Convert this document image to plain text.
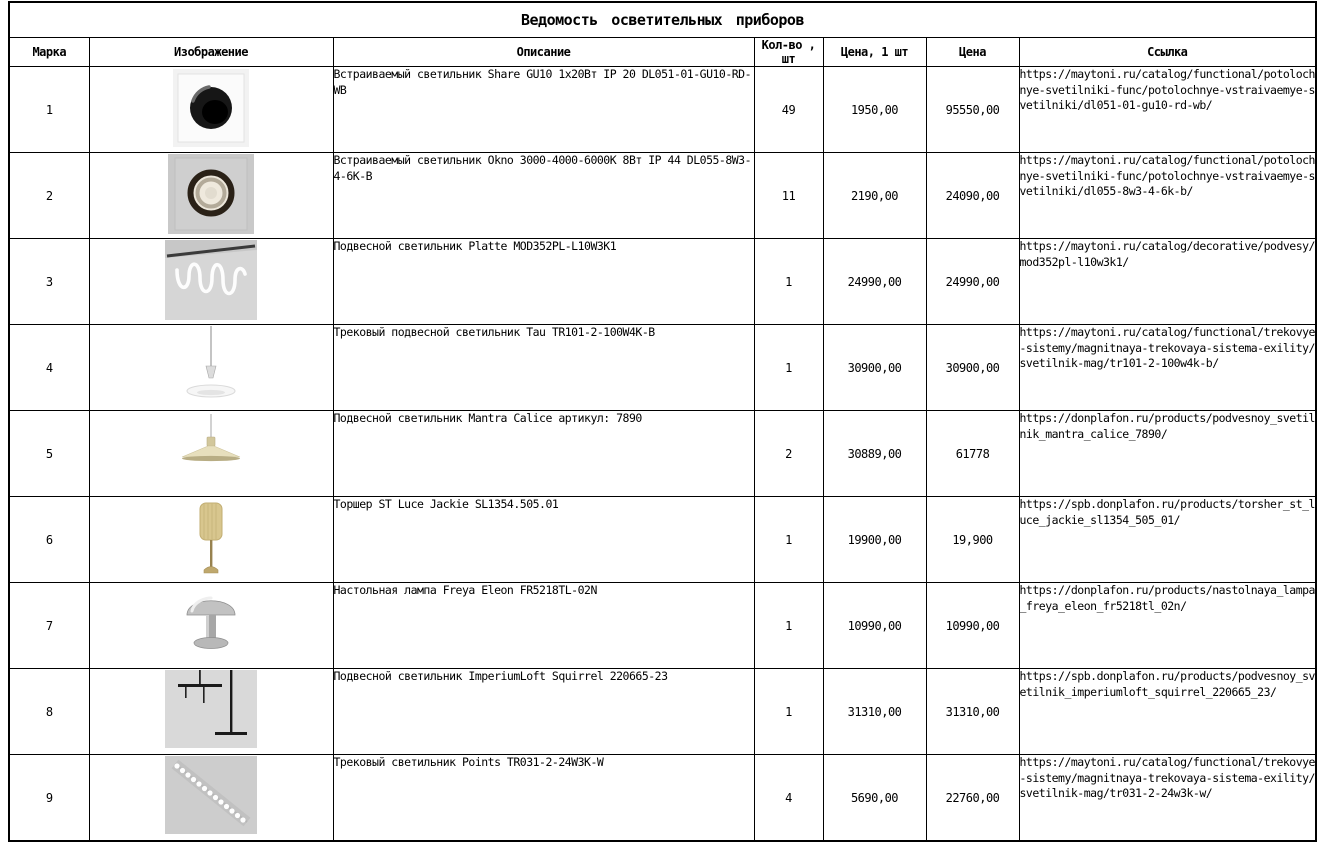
Ведомость осветительных приборов						
Марка	Изображение	Описание	Кол-во , шт	Цена, 1 шт	Цена	Ссылка
1		Встраиваемый светильник Share GU10 1x20Вт IP 20 DL051-01-GU10-RD-WB	49	1950,00	95550,00	https://maytoni.ru/catalog/functional/potolochnye-svetilniki-func/potolochnye-vstraivaemye-svetilniki/dl051-01-gu10-rd-wb/
2		Встраиваемый светильник Okno 3000-4000-6000K 8Вт IP 44 DL055-8W3-4-6K-B	11	2190,00	24090,00	https://maytoni.ru/catalog/functional/potolochnye-svetilniki-func/potolochnye-vstraivaemye-svetilniki/dl055-8w3-4-6k-b/
3		Подвесной светильник Platte MOD352PL-L10W3K1	1	24990,00	24990,00	https://maytoni.ru/catalog/decorative/podvesy/mod352pl-l10w3k1/
4		Трековый подвесной светильник Tau TR101-2-100W4K-B	1	30900,00	30900,00	https://maytoni.ru/catalog/functional/trekovye-sistemy/magnitnaya-trekovaya-sistema-exility/svetilnik-mag/tr101-2-100w4k-b/
5		Подвесной светильник Mantra Calice артикул: 7890	2	30889,00	61778	https://donplafon.ru/products/podvesnoy_svetilnik_mantra_calice_7890/
6		Торшер ST Luce Jackie SL1354.505.01	1	19900,00	19,900	https://spb.donplafon.ru/products/torsher_st_luce_jackie_sl1354_505_01/
7		Настольная лампа Freya Eleon FR5218TL-02N	1	10990,00	10990,00	https://donplafon.ru/products/nastolnaya_lampa_freya_eleon_fr5218tl_02n/
8		Подвесной светильник ImperiumLoft Squirrel 220665-23	1	31310,00	31310,00	https://spb.donplafon.ru/products/podvesnoy_svetilnik_imperiumloft_squirrel_220665_23/
9		Трековый светильник Points TR031-2-24W3K-W	4	5690,00	22760,00	https://maytoni.ru/catalog/functional/trekovye-sistemy/magnitnaya-trekovaya-sistema-exility/svetilnik-mag/tr031-2-24w3k-w/
